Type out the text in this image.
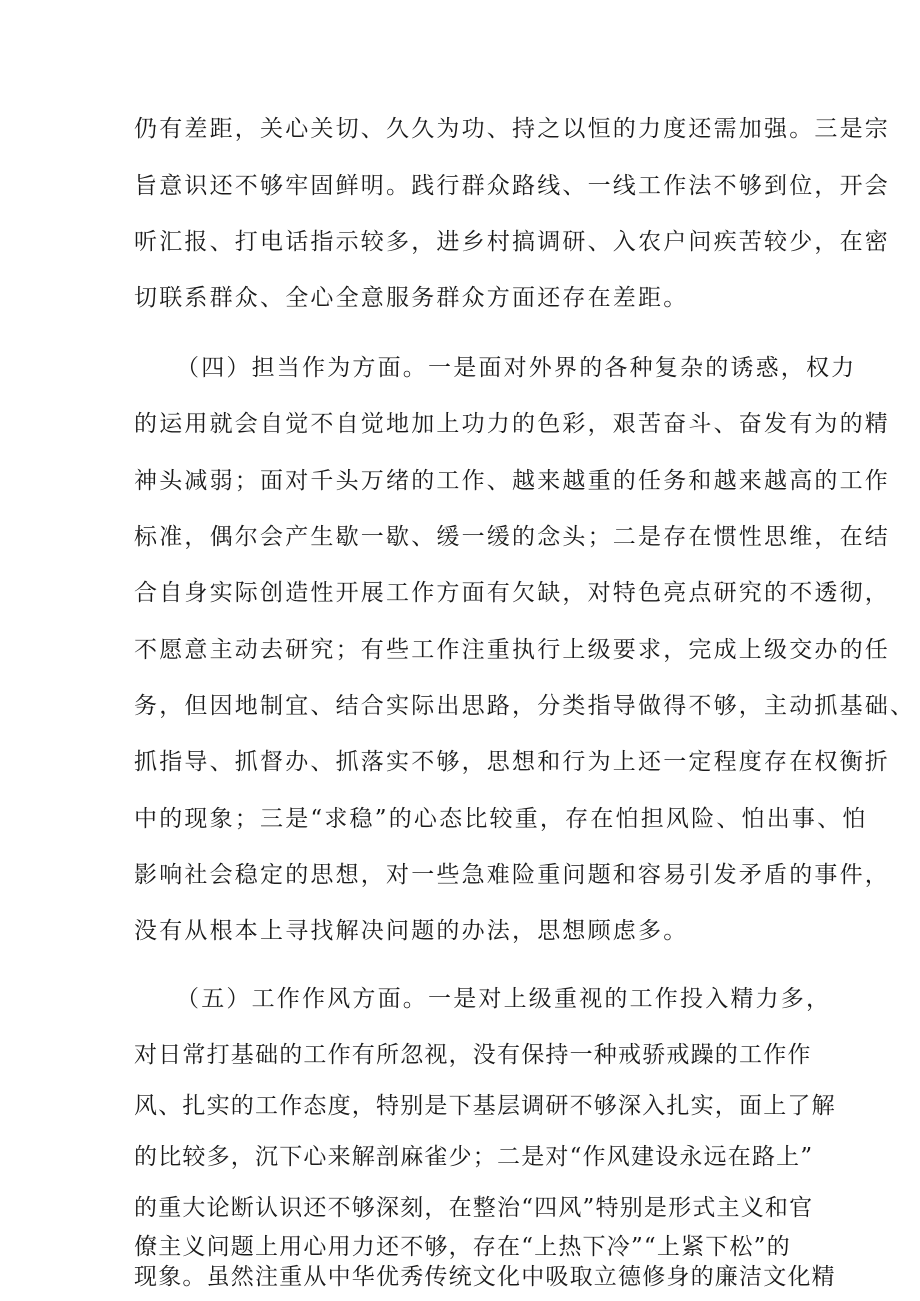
仍有差距，关心关切、久久为功、持之以恒的力度还需加强。三是宗
旨意识还不够牢固鲜明。践行群众路线、一线工作法不够到位，开会
听汇报、打电话指示较多，进乡村搞调研、入农户问疾苦较少，在密
切联系群众、全心全意服务群众方面还存在差距。
（四）担当作为方面。一是面对外界的各种复杂的诱惑，权力
的运用就会自觉不自觉地加上功力的色彩，艰苦奋斗、奋发有为的精
神头减弱；面对千头万绪的工作、越来越重的任务和越来越高的工作
标准，偶尔会产生歇一歇、缓一缓的念头；二是存在惯性思维，在结
合自身实际创造性开展工作方面有欠缺，对特色亮点研究的不透彻，
不愿意主动去研究；有些工作注重执行上级要求，完成上级交办的任
务，但因地制宜、结合实际出思路，分类指导做得不够，主动抓基础、
抓指导、抓督办、抓落实不够，思想和行为上还一定程度存在权衡折
中的现象；三是“求稳”的心态比较重，存在怕担风险、怕出事、怕
影响社会稳定的思想，对一些急难险重问题和容易引发矛盾的事件，
没有从根本上寻找解决问题的办法，思想顾虑多。
（五）工作作风方面。一是对上级重视的工作投入精力多，
对日常打基础的工作有所忽视，没有保持一种戒骄戒躁的工作作
风、扎实的工作态度，特别是下基层调研不够深入扎实，面上了解
的比较多，沉下心来解剖麻雀少；二是对“作风建设永远在路上”
的重大论断认识还不够深刻，在整治“四风”特别是形式主义和官
僚主义问题上用心用力还不够，存在“上热下冷”“上紧下松”的
现象。虽然注重从中华优秀传统文化中吸取立德修身的廉洁文化精
